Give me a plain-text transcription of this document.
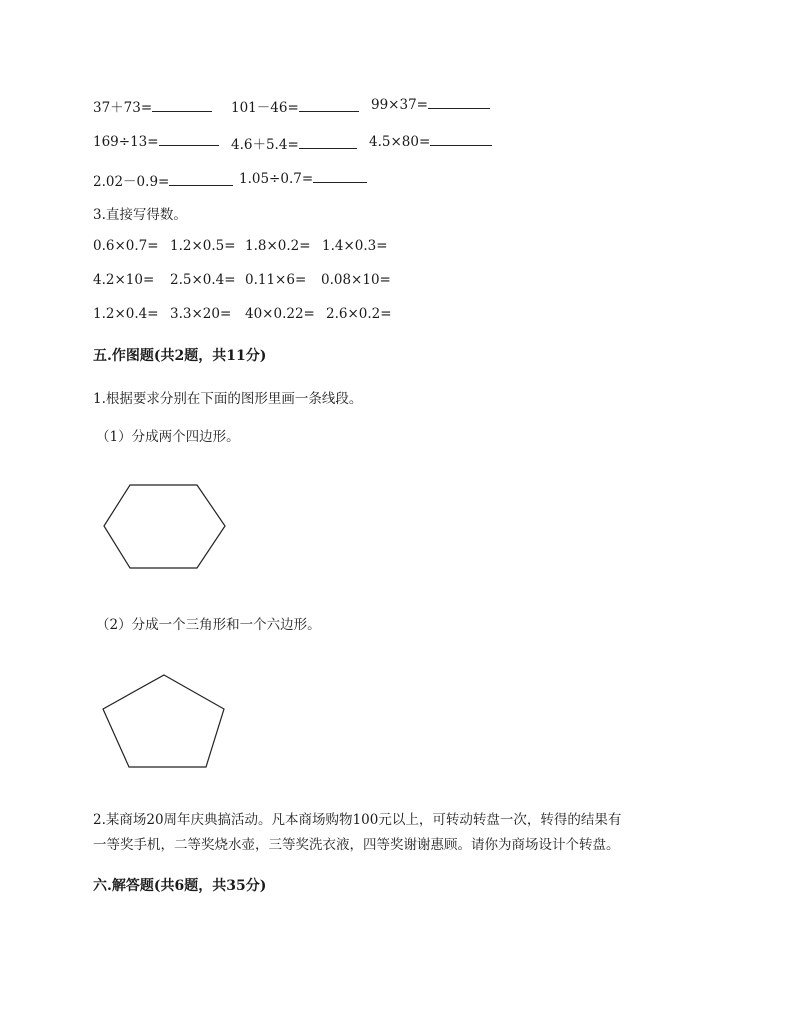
37＋73=	101－46=	99×37=
169÷13=	4.6＋5.4=	4.5×80=
2.02－0.9=	1.05÷0.7=
3.直接写得数。
0.6×0.7= 1.2×0.5= 1.8×0.2= 1.4×0.3=
4.2×10= 2.5×0.4= 0.11×6= 0.08×10=
1.2×0.4= 3.3×20= 40×0.22= 2.6×0.2=
五.作图题(共2题，共11分)
1.根据要求分别在下面的图形里画一条线段。
（1）分成两个四边形。
（2）分成一个三角形和一个六边形。
2.某商场20周年庆典搞活动。凡本商场购物100元以上，可转动转盘一次，转得的结果有
一等奖手机，二等奖烧水壶，三等奖洗衣液，四等奖谢谢惠顾。请你为商场设计个转盘。
六.解答题(共6题，共35分)
